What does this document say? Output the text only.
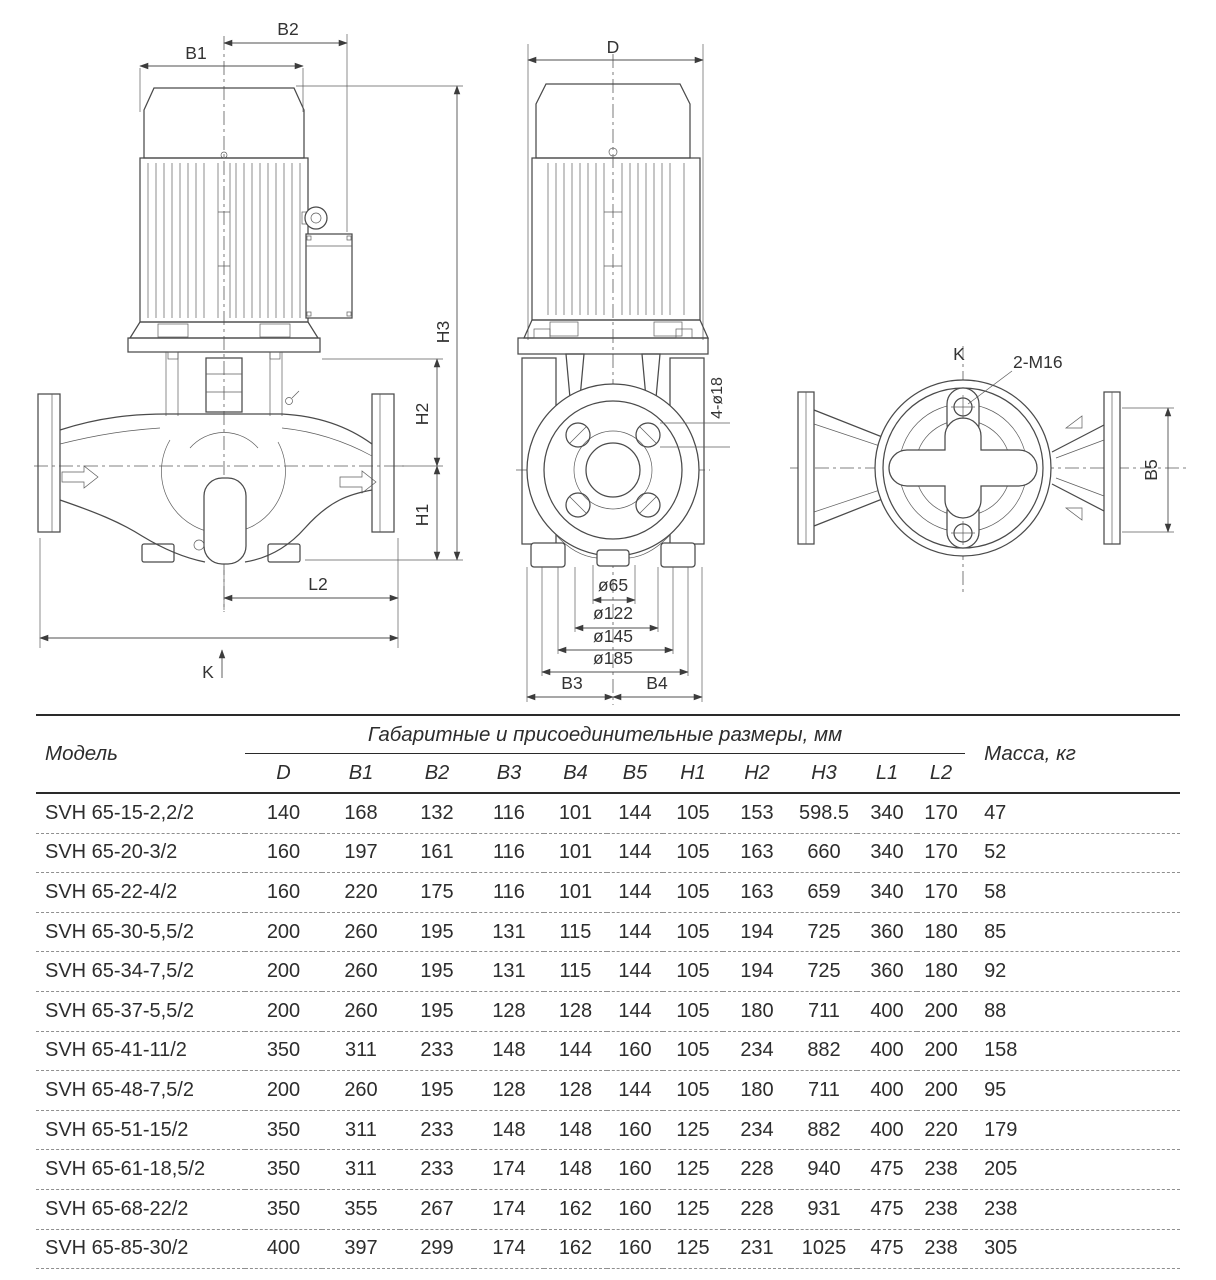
B1
B2
H3
H2
H1
L2
K
D
4-ø18
ø65
ø122
ø145
ø185
B3	B4
K	2-M16
B5
Модель	Габаритные и присоединительные размеры, мм											Масса, кг
	D	B1	B2	B3	B4	B5	H1	H2	H3	L1	L2	
SVH 65-15-2,2/2	140	168	132	116	101	144	105	153	598.5	340	170	47
SVH 65-20-3/2	160	197	161	116	101	144	105	163	660	340	170	52
SVH 65-22-4/2	160	220	175	116	101	144	105	163	659	340	170	58
SVH 65-30-5,5/2	200	260	195	131	115	144	105	194	725	360	180	85
SVH 65-34-7,5/2	200	260	195	131	115	144	105	194	725	360	180	92
SVH 65-37-5,5/2	200	260	195	128	128	144	105	180	711	400	200	88
SVH 65-41-11/2	350	311	233	148	144	160	105	234	882	400	200	158
SVH 65-48-7,5/2	200	260	195	128	128	144	105	180	711	400	200	95
SVH 65-51-15/2	350	311	233	148	148	160	125	234	882	400	220	179
SVH 65-61-18,5/2	350	311	233	174	148	160	125	228	940	475	238	205
SVH 65-68-22/2	350	355	267	174	162	160	125	228	931	475	238	238
SVH 65-85-30/2	400	397	299	174	162	160	125	231	1025	475	238	305
